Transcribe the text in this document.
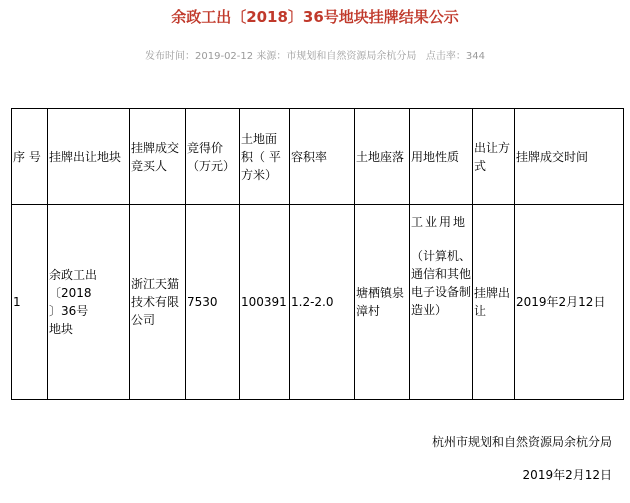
余政工出〔2018〕36号地块挂牌结果公示
发布时间：2019-02-12 来源：市规划和自然资源局余杭分局 点击率：344
序 号	挂牌出让地块	挂牌成交竞买人	竞得价（万元）	土地面积（ 平 方米）	容积率	土地座落	用地性质	出让方式	挂牌成交时间
1	余政工出〔2018
〕36号
地块	浙江天猫技术有限公司	7530	100391	1.2-2.0	塘栖镇泉漳村	工业用地
（计算机、通信和其他电子设备制造业）	挂牌出让	2019年2月12日
杭州市规划和自然资源局余杭分局
2019年2月12日
